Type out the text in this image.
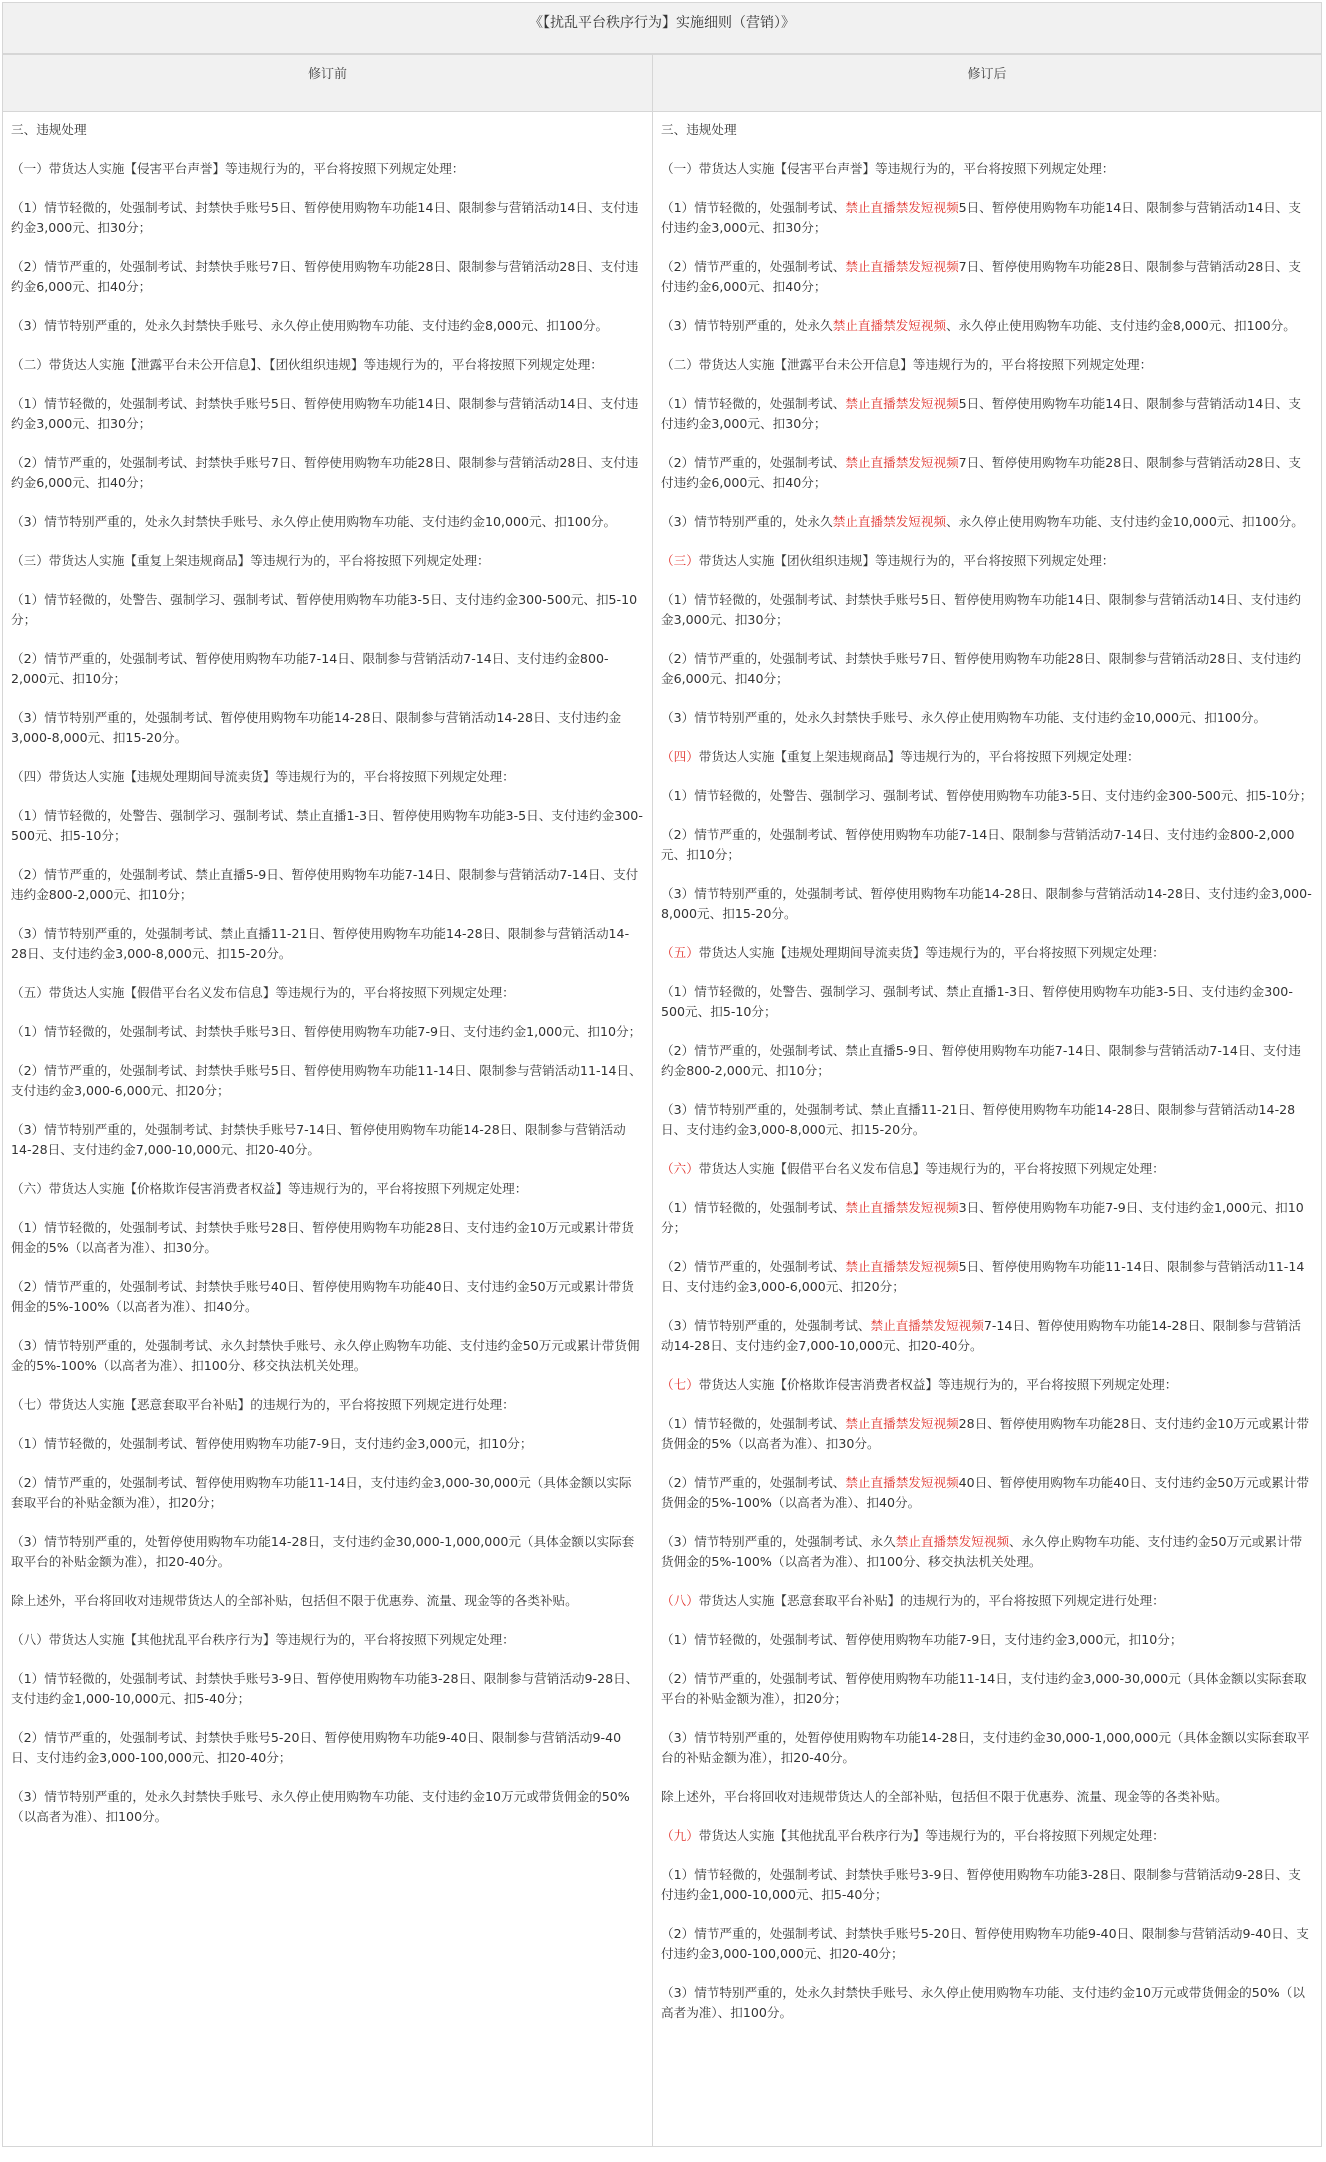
《【扰乱平台秩序行为】实施细则（营销）》
修订前	修订后

三、违规处理

（一）带货达人实施【侵害平台声誉】等违规行为的，平台将按照下列规定处理：

（1）情节轻微的，处强制考试、封禁快手账号5日、暂停使用购物车功能14日、限制参与营销活动14日、支付违约金3,000元、扣30分；

（2）情节严重的，处强制考试、封禁快手账号7日、暂停使用购物车功能28日、限制参与营销活动28日、支付违约金6,000元、扣40分；

（3）情节特别严重的，处永久封禁快手账号、永久停止使用购物车功能、支付违约金8,000元、扣100分。

（二）带货达人实施【泄露平台未公开信息】、【团伙组织违规】等违规行为的，平台将按照下列规定处理：

（1）情节轻微的，处强制考试、封禁快手账号5日、暂停使用购物车功能14日、限制参与营销活动14日、支付违约金3,000元、扣30分；

（2）情节严重的，处强制考试、封禁快手账号7日、暂停使用购物车功能28日、限制参与营销活动28日、支付违约金6,000元、扣40分；

（3）情节特别严重的，处永久封禁快手账号、永久停止使用购物车功能、支付违约金10,000元、扣100分。

（三）带货达人实施【重复上架违规商品】等违规行为的，平台将按照下列规定处理：

（1）情节轻微的，处警告、强制学习、强制考试、暂停使用购物车功能3-5日、支付违约金300-500元、扣5-10分；

（2）情节严重的，处强制考试、暂停使用购物车功能7-14日、限制参与营销活动7-14日、支付违约金800-2,000元、扣10分；

（3）情节特别严重的，处强制考试、暂停使用购物车功能14-28日、限制参与营销活动14-28日、支付违约金3,000-8,000元、扣15-20分。

（四）带货达人实施【违规处理期间导流卖货】等违规行为的，平台将按照下列规定处理：

（1）情节轻微的，处警告、强制学习、强制考试、禁止直播1-3日、暂停使用购物车功能3-5日、支付违约金300-500元、扣5-10分；

（2）情节严重的，处强制考试、禁止直播5-9日、暂停使用购物车功能7-14日、限制参与营销活动7-14日、支付违约金800-2,000元、扣10分；

（3）情节特别严重的，处强制考试、禁止直播11-21日、暂停使用购物车功能14-28日、限制参与营销活动14-28日、支付违约金3,000-8,000元、扣15-20分。

（五）带货达人实施【假借平台名义发布信息】等违规行为的，平台将按照下列规定处理：

（1）情节轻微的，处强制考试、封禁快手账号3日、暂停使用购物车功能7-9日、支付违约金1,000元、扣10分；

（2）情节严重的，处强制考试、封禁快手账号5日、暂停使用购物车功能11-14日、限制参与营销活动11-14日、支付违约金3,000-6,000元、扣20分；

（3）情节特别严重的，处强制考试、封禁快手账号7-14日、暂停使用购物车功能14-28日、限制参与营销活动14-28日、支付违约金7,000-10,000元、扣20-40分。

（六）带货达人实施【价格欺诈侵害消费者权益】等违规行为的，平台将按照下列规定处理：

（1）情节轻微的，处强制考试、封禁快手账号28日、暂停使用购物车功能28日、支付违约金10万元或累计带货佣金的5%（以高者为准）、扣30分。

（2）情节严重的，处强制考试、封禁快手账号40日、暂停使用购物车功能40日、支付违约金50万元或累计带货佣金的5%-100%（以高者为准）、扣40分。

（3）情节特别严重的，处强制考试、永久封禁快手账号、永久停止购物车功能、支付违约金50万元或累计带货佣金的5%-100%（以高者为准）、扣100分、移交执法机关处理。

（七）带货达人实施【恶意套取平台补贴】的违规行为的，平台将按照下列规定进行处理：

（1）情节轻微的，处强制考试、暂停使用购物车功能7-9日，支付违约金3,000元，扣10分；

（2）情节严重的，处强制考试、暂停使用购物车功能11-14日，支付违约金3,000-30,000元（具体金额以实际套取平台的补贴金额为准），扣20分；

（3）情节特别严重的，处暂停使用购物车功能14-28日，支付违约金30,000-1,000,000元（具体金额以实际套取平台的补贴金额为准），扣20-40分。

除上述外，平台将回收对违规带货达人的全部补贴，包括但不限于优惠券、流量、现金等的各类补贴。

（八）带货达人实施【其他扰乱平台秩序行为】等违规行为的，平台将按照下列规定处理：

（1）情节轻微的，处强制考试、封禁快手账号3-9日、暂停使用购物车功能3-28日、限制参与营销活动9-28日、支付违约金1,000-10,000元、扣5-40分；

（2）情节严重的，处强制考试、封禁快手账号5-20日、暂停使用购物车功能9-40日、限制参与营销活动9-40日、支付违约金3,000-100,000元、扣20-40分；

（3）情节特别严重的，处永久封禁快手账号、永久停止使用购物车功能、支付违约金10万元或带货佣金的50%（以高者为准）、扣100分。

三、违规处理

（一）带货达人实施【侵害平台声誉】等违规行为的，平台将按照下列规定处理：

（1）情节轻微的，处强制考试、禁止直播禁发短视频5日、暂停使用购物车功能14日、限制参与营销活动14日、支付违约金3,000元、扣30分；

（2）情节严重的，处强制考试、禁止直播禁发短视频7日、暂停使用购物车功能28日、限制参与营销活动28日、支付违约金6,000元、扣40分；

（3）情节特别严重的，处永久禁止直播禁发短视频、永久停止使用购物车功能、支付违约金8,000元、扣100分。

（二）带货达人实施【泄露平台未公开信息】等违规行为的，平台将按照下列规定处理：

（1）情节轻微的，处强制考试、禁止直播禁发短视频5日、暂停使用购物车功能14日、限制参与营销活动14日、支付违约金3,000元、扣30分；

（2）情节严重的，处强制考试、禁止直播禁发短视频7日、暂停使用购物车功能28日、限制参与营销活动28日、支付违约金6,000元、扣40分；

（3）情节特别严重的，处永久禁止直播禁发短视频、永久停止使用购物车功能、支付违约金10,000元、扣100分。

（三）带货达人实施【团伙组织违规】等违规行为的，平台将按照下列规定处理：

（1）情节轻微的，处强制考试、封禁快手账号5日、暂停使用购物车功能14日、限制参与营销活动14日、支付违约金3,000元、扣30分；

（2）情节严重的，处强制考试、封禁快手账号7日、暂停使用购物车功能28日、限制参与营销活动28日、支付违约金6,000元、扣40分；

（3）情节特别严重的，处永久封禁快手账号、永久停止使用购物车功能、支付违约金10,000元、扣100分。

（四）带货达人实施【重复上架违规商品】等违规行为的，平台将按照下列规定处理：

（1）情节轻微的，处警告、强制学习、强制考试、暂停使用购物车功能3-5日、支付违约金300-500元、扣5-10分；

（2）情节严重的，处强制考试、暂停使用购物车功能7-14日、限制参与营销活动7-14日、支付违约金800-2,000元、扣10分；

（3）情节特别严重的，处强制考试、暂停使用购物车功能14-28日、限制参与营销活动14-28日、支付违约金3,000-8,000元、扣15-20分。

（五）带货达人实施【违规处理期间导流卖货】等违规行为的，平台将按照下列规定处理：

（1）情节轻微的，处警告、强制学习、强制考试、禁止直播1-3日、暂停使用购物车功能3-5日、支付违约金300-500元、扣5-10分；

（2）情节严重的，处强制考试、禁止直播5-9日、暂停使用购物车功能7-14日、限制参与营销活动7-14日、支付违约金800-2,000元、扣10分；

（3）情节特别严重的，处强制考试、禁止直播11-21日、暂停使用购物车功能14-28日、限制参与营销活动14-28日、支付违约金3,000-8,000元、扣15-20分。

（六）带货达人实施【假借平台名义发布信息】等违规行为的，平台将按照下列规定处理：

（1）情节轻微的，处强制考试、禁止直播禁发短视频3日、暂停使用购物车功能7-9日、支付违约金1,000元、扣10分；

（2）情节严重的，处强制考试、禁止直播禁发短视频5日、暂停使用购物车功能11-14日、限制参与营销活动11-14日、支付违约金3,000-6,000元、扣20分；

（3）情节特别严重的，处强制考试、禁止直播禁发短视频7-14日、暂停使用购物车功能14-28日、限制参与营销活动14-28日、支付违约金7,000-10,000元、扣20-40分。

（七）带货达人实施【价格欺诈侵害消费者权益】等违规行为的，平台将按照下列规定处理：

（1）情节轻微的，处强制考试、禁止直播禁发短视频28日、暂停使用购物车功能28日、支付违约金10万元或累计带货佣金的5%（以高者为准）、扣30分。

（2）情节严重的，处强制考试、禁止直播禁发短视频40日、暂停使用购物车功能40日、支付违约金50万元或累计带货佣金的5%-100%（以高者为准）、扣40分。

（3）情节特别严重的，处强制考试、永久禁止直播禁发短视频、永久停止购物车功能、支付违约金50万元或累计带货佣金的5%-100%（以高者为准）、扣100分、移交执法机关处理。

（八）带货达人实施【恶意套取平台补贴】的违规行为的，平台将按照下列规定进行处理：

（1）情节轻微的，处强制考试、暂停使用购物车功能7-9日，支付违约金3,000元，扣10分；

（2）情节严重的，处强制考试、暂停使用购物车功能11-14日，支付违约金3,000-30,000元（具体金额以实际套取平台的补贴金额为准），扣20分；

（3）情节特别严重的，处暂停使用购物车功能14-28日，支付违约金30,000-1,000,000元（具体金额以实际套取平台的补贴金额为准），扣20-40分。

除上述外，平台将回收对违规带货达人的全部补贴，包括但不限于优惠券、流量、现金等的各类补贴。

（九）带货达人实施【其他扰乱平台秩序行为】等违规行为的，平台将按照下列规定处理：

（1）情节轻微的，处强制考试、封禁快手账号3-9日、暂停使用购物车功能3-28日、限制参与营销活动9-28日、支付违约金1,000-10,000元、扣5-40分；

（2）情节严重的，处强制考试、封禁快手账号5-20日、暂停使用购物车功能9-40日、限制参与营销活动9-40日、支付违约金3,000-100,000元、扣20-40分；

（3）情节特别严重的，处永久封禁快手账号、永久停止使用购物车功能、支付违约金10万元或带货佣金的50%（以高者为准）、扣100分。
